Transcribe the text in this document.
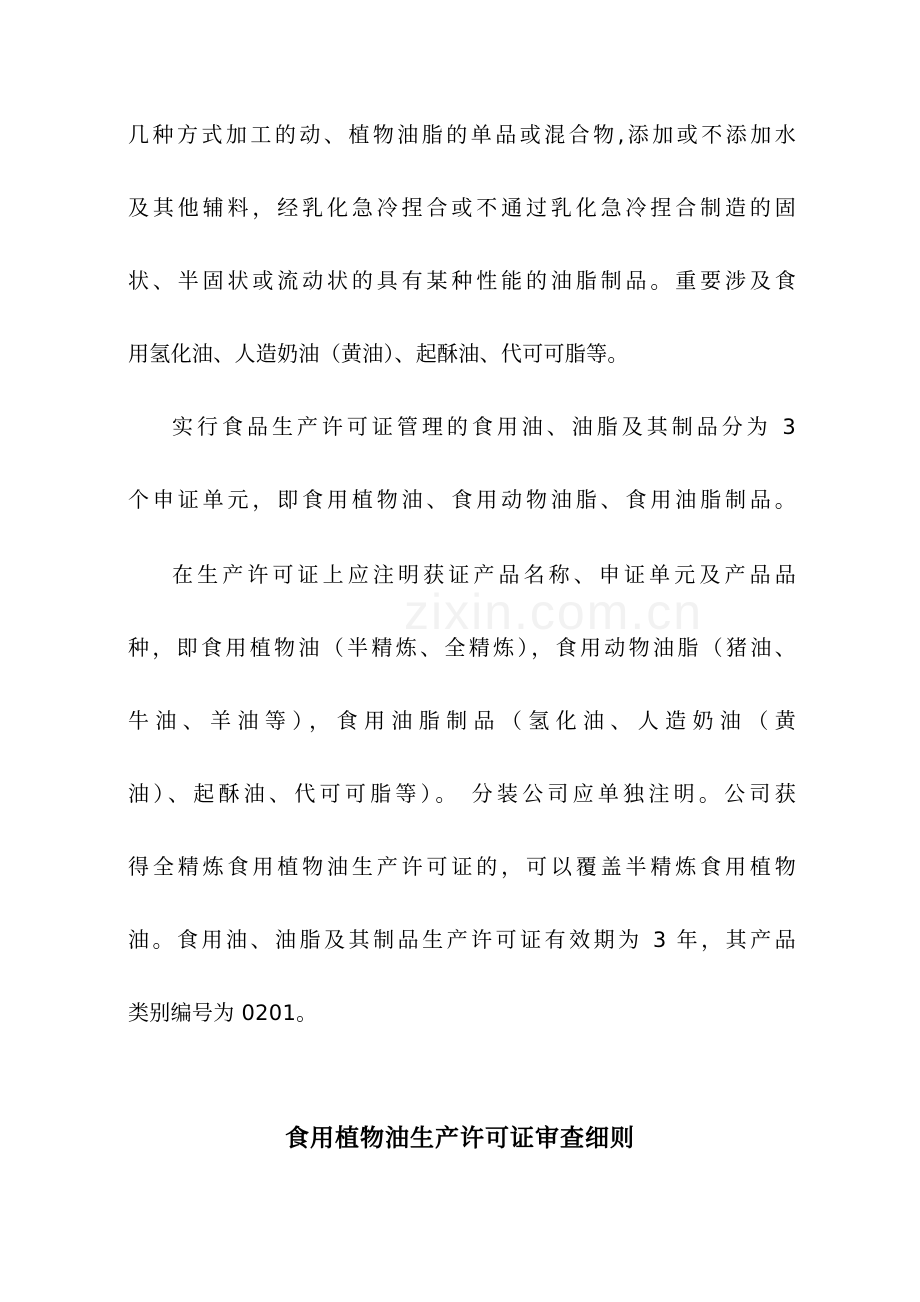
zixin.com.cn
几种方式加工的动、植物油脂的单品或混合物,添加或不添加水
及其他辅料，经乳化急冷捏合或不通过乳化急冷捏合制造的固
状、半固状或流动状的具有某种性能的油脂制品。重要涉及食
用氢化油、人造奶油（黄油）、起酥油、代可可脂等。
实行食品生产许可证管理的食用油、油脂及其制品分为 3
个申证单元，即食用植物油、食用动物油脂、食用油脂制品。
在生产许可证上应注明获证产品名称、申证单元及产品品
种，即食用植物油（半精炼、全精炼），食用动物油脂（猪油、
牛油、羊油等），食用油脂制品（氢化油、人造奶油（黄
油）、起酥油、代可可脂等）。 分装公司应单独注明。公司获
得全精炼食用植物油生产许可证的，可以覆盖半精炼食用植物
油。食用油、油脂及其制品生产许可证有效期为 3 年，其产品
类别编号为 0201。
食用植物油生产许可证审查细则
